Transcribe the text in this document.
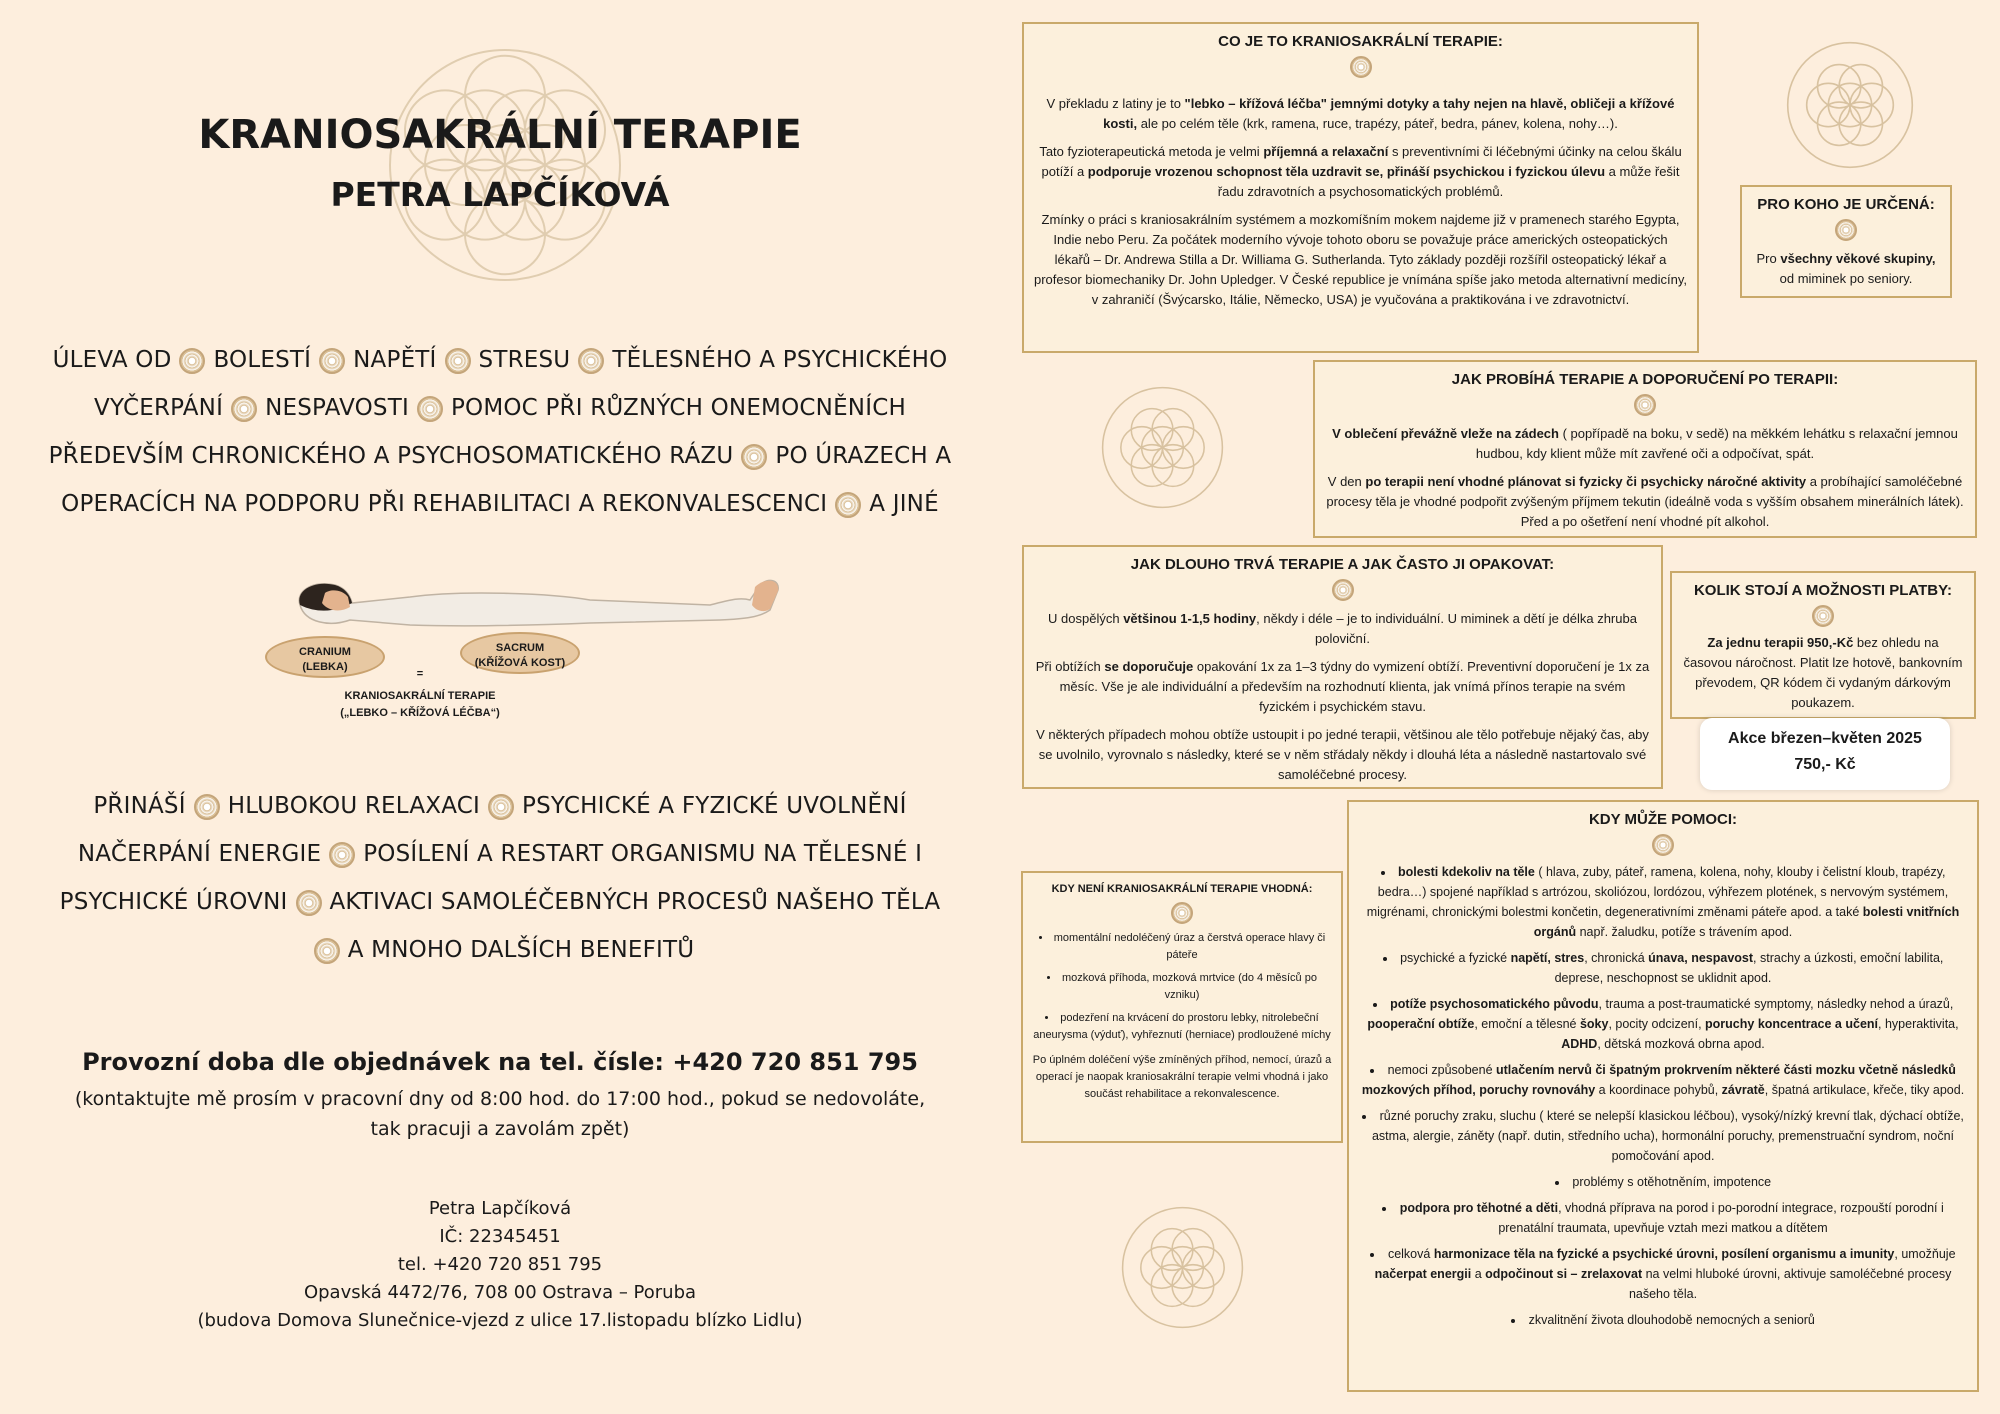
KRANIOSAKRÁLNÍ TERAPIE
PETRA LAPČÍKOVÁ
ÚLEVA OD BOLESTÍ NAPĚTÍ STRESU TĚLESNÉHO A PSYCHICKÉHO
VYČERPÁNÍ NESPAVOSTI POMOC PŘI RŮZNÝCH ONEMOCNĚNÍCH
PŘEDEVŠÍM CHRONICKÉHO A PSYCHOSOMATICKÉHO RÁZU PO ÚRAZECH A
OPERACÍCH NA PODPORU PŘI REHABILITACI A REKONVALESCENCI A JINÉ
CRANIUM
(LEBKA)
SACRUM
(KŘÍŽOVÁ KOST)
=
KRANIOSAKRÁLNÍ TERAPIE
(„LEBKO – KŘÍŽOVÁ LÉČBA“)
PŘINÁŠÍ HLUBOKOU RELAXACI PSYCHICKÉ A FYZICKÉ UVOLNĚNÍ
NAČERPÁNÍ ENERGIE POSÍLENÍ A RESTART ORGANISMU NA TĚLESNÉ I
PSYCHICKÉ ÚROVNI AKTIVACI SAMOLÉČEBNÝCH PROCESŮ NAŠEHO TĚLA
A MNOHO DALŠÍCH BENEFITŮ
Provozní doba dle objednávek na tel. čísle: +420 720 851 795
(kontaktujte mě prosím v pracovní dny od 8:00 hod. do 17:00 hod., pokud se nedovoláte, tak pracuji a zavolám zpět)
Petra Lapčíková
IČ: 22345451
tel. +420 720 851 795
Opavská 4472/76, 708 00 Ostrava – Poruba
(budova Domova Slunečnice-vjezd z ulice 17.listopadu blízko Lidlu)
CO JE TO KRANIOSAKRÁLNÍ TERAPIE:

V překladu z latiny je to "lebko – křížová léčba" jemnými dotyky a tahy nejen na hlavě, obličeji a křížové kosti, ale po celém těle (krk, ramena, ruce, trapézy, páteř, bedra, pánev, kolena, nohy…).

Tato fyzioterapeutická metoda je velmi příjemná a relaxační s preventivními či léčebnými účinky na celou škálu potíží a podporuje vrozenou schopnost těla uzdravit se, přináší psychickou i fyzickou úlevu a může řešit řadu zdravotních a psychosomatických problémů.

Zmínky o práci s kraniosakrálním systémem a mozkomíšním mokem najdeme již v pramenech starého Egypta, Indie nebo Peru. Za počátek moderního vývoje tohoto oboru se považuje práce amerických osteopatických lékařů – Dr. Andrewa Stilla a Dr. Williama G. Sutherlanda. Tyto základy později rozšířil osteopatický lékař a profesor biomechaniky Dr. John Upledger. V České republice je vnímána spíše jako metoda alternativní medicíny, v zahraničí (Švýcarsko, Itálie, Německo, USA) je vyučována a praktikována i ve zdravotnictví.

PRO KOHO JE URČENÁ:

Pro všechny věkové skupiny, od miminek po seniory.

JAK PROBÍHÁ TERAPIE A DOPORUČENÍ PO TERAPII:

V oblečení převážně vleže na zádech ( popřípadě na boku, v sedě) na měkkém lehátku s relaxační jemnou hudbou, kdy klient může mít zavřené oči a odpočívat, spát.

V den po terapii není vhodné plánovat si fyzicky či psychicky náročné aktivity a probíhající samoléčebné procesy těla je vhodné podpořit zvýšeným příjmem tekutin (ideálně voda s vyšším obsahem minerálních látek). Před a po ošetření není vhodné pít alkohol.

JAK DLOUHO TRVÁ TERAPIE A JAK ČASTO JI OPAKOVAT:

U dospělých většinou 1-1,5 hodiny, někdy i déle – je to individuální. U miminek a dětí je délka zhruba poloviční.

Při obtížích se doporučuje opakování 1x za 1–3 týdny do vymizení obtíží. Preventivní doporučení je 1x za měsíc. Vše je ale individuální a především na rozhodnutí klienta, jak vnímá přínos terapie na svém fyzickém i psychickém stavu.

V některých případech mohou obtíže ustoupit i po jedné terapii, většinou ale tělo potřebuje nějaký čas, aby se uvolnilo, vyrovnalo s následky, které se v něm střádaly někdy i dlouhá léta a následně nastartovalo své samoléčebné procesy.

KOLIK STOJÍ A MOŽNOSTI PLATBY:

Za jednu terapii 950,-Kč bez ohledu na časovou náročnost. Platit lze hotově, bankovním převodem, QR kódem či vydaným dárkovým poukazem.

Akce březen–květen 2025
750,- Kč
KDY NENÍ KRANIOSAKRÁLNÍ TERAPIE VHODNÁ:
• momentální nedoléčený úraz a čerstvá operace hlavy či páteře
• mozková příhoda, mozková mrtvice (do 4 měsíců po vzniku)
• podezření na krvácení do prostoru lebky, nitrolebeční aneurysma (výduť), vyhřeznutí (herniace) prodloužené míchy

Po úplném doléčení výše zmíněných příhod, nemocí, úrazů a operací je naopak kraniosakrální terapie velmi vhodná i jako součást rehabilitace a rekonvalescence.

KDY MŮŽE POMOCI:
• bolesti kdekoliv na těle ( hlava, zuby, páteř, ramena, kolena, nohy, klouby i čelistní kloub, trapézy, bedra…) spojené například s artrózou, skoliózou, lordózou, výhřezem plotének, s nervovým systémem, migrénami, chronickými bolestmi končetin, degenerativními změnami páteře apod. a také bolesti vnitřních orgánů např. žaludku, potíže s trávením apod.
• psychické a fyzické napětí, stres, chronická únava, nespavost, strachy a úzkosti, emoční labilita, deprese, neschopnost se uklidnit apod.
• potíže psychosomatického původu, trauma a post-traumatické symptomy, následky nehod a úrazů, pooperační obtíže, emoční a tělesné šoky, pocity odcizení, poruchy koncentrace a učení, hyperaktivita, ADHD, dětská mozková obrna apod.
• nemoci způsobené utlačením nervů či špatným prokrvením některé části mozku včetně následků mozkových příhod, poruchy rovnováhy a koordinace pohybů, závratě, špatná artikulace, křeče, tiky apod.
• různé poruchy zraku, sluchu ( které se nelepší klasickou léčbou), vysoký/nízký krevní tlak, dýchací obtíže, astma, alergie, záněty (např. dutin, středního ucha), hormonální poruchy, premenstruační syndrom, noční pomočování apod.
• problémy s otěhotněním, impotence
• podpora pro těhotné a děti, vhodná příprava na porod i po-porodní integrace, rozpouští porodní i prenatální traumata, upevňuje vztah mezi matkou a dítětem
• celková harmonizace těla na fyzické a psychické úrovni, posílení organismu a imunity, umožňuje načerpat energii a odpočinout si – zrelaxovat na velmi hluboké úrovni, aktivuje samoléčebné procesy našeho těla.
• zkvalitnění života dlouhodobě nemocných a seniorů
